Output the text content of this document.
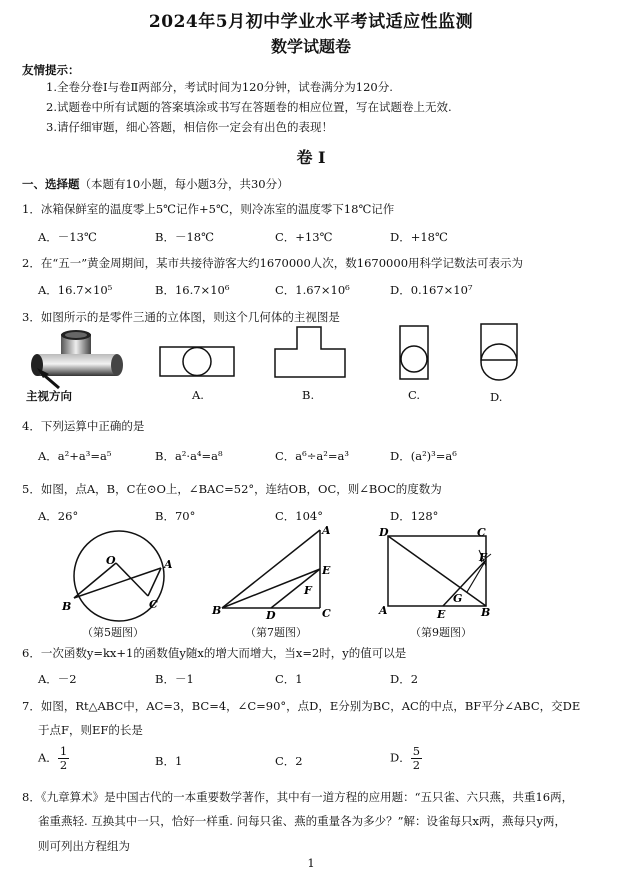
2024年5月初中学业水平考试适应性监测
数学试题卷
友情提示：
1.全卷分卷Ⅰ与卷Ⅱ两部分，考试时间为120分钟，试卷满分为120分.
2.试题卷中所有试题的答案填涂或书写在答题卷的相应位置，写在试题卷上无效.
3.请仔细审题，细心答题，相信你一定会有出色的表现！
卷 I
一、选择题（本题有10小题，每小题3分，共30分）
1．冰箱保鲜室的温度零上5℃记作+5℃，则冷冻室的温度零下18℃记作
A．－13℃	B．－18℃	C．+13℃	D．+18℃
2．在“五一”黄金周期间，某市共接待游客大约1670000人次，数1670000用科学记数法可表示为
A．16.7×10⁵	B．16.7×10⁶	C．1.67×10⁶	D．0.167×10⁷
3．如图所示的是零件三通的立体图，则这个几何体的主视图是
主视方向	A.	B.	C.	D.
4．下列运算中正确的是
A．a²+a³=a⁵	B．a²·a⁴=a⁸	C．a⁶÷a²=a³	D．(a²)³=a⁶
5．如图，点A，B，C在⊙O上，∠BAC=52°，连结OB，OC，则∠BOC的度数为
A．26°	B．70°	C．104°	D．128°
O	A
B	C
（第5题图）
A
E
F
B	D	C
（第7题图）
D	C
F
G
A	E	B
（第9题图）
6．一次函数y=kx+1的函数值y随x的增大而增大，当x=2时，y的值可以是
A．－2	B．－1	C．1	D．2
7．如图，Rt△ABC中，AC=3，BC=4，∠C=90°，点D，E分别为BC，AC的中点，BF平分∠ABC，交DE
于点F，则EF的长是
A． $\frac{1}{2}$	B．1	C．2	D． $\frac{5}{2}$
8．《九章算术》是中国古代的一本重要数学著作，其中有一道方程的应用题：“五只雀、六只燕，共重16两，
雀重燕轻. 互换其中一只，恰好一样重. 问每只雀、燕的重量各为多少？”解：设雀每只x两，燕每只y两，
则可列出方程组为
1
